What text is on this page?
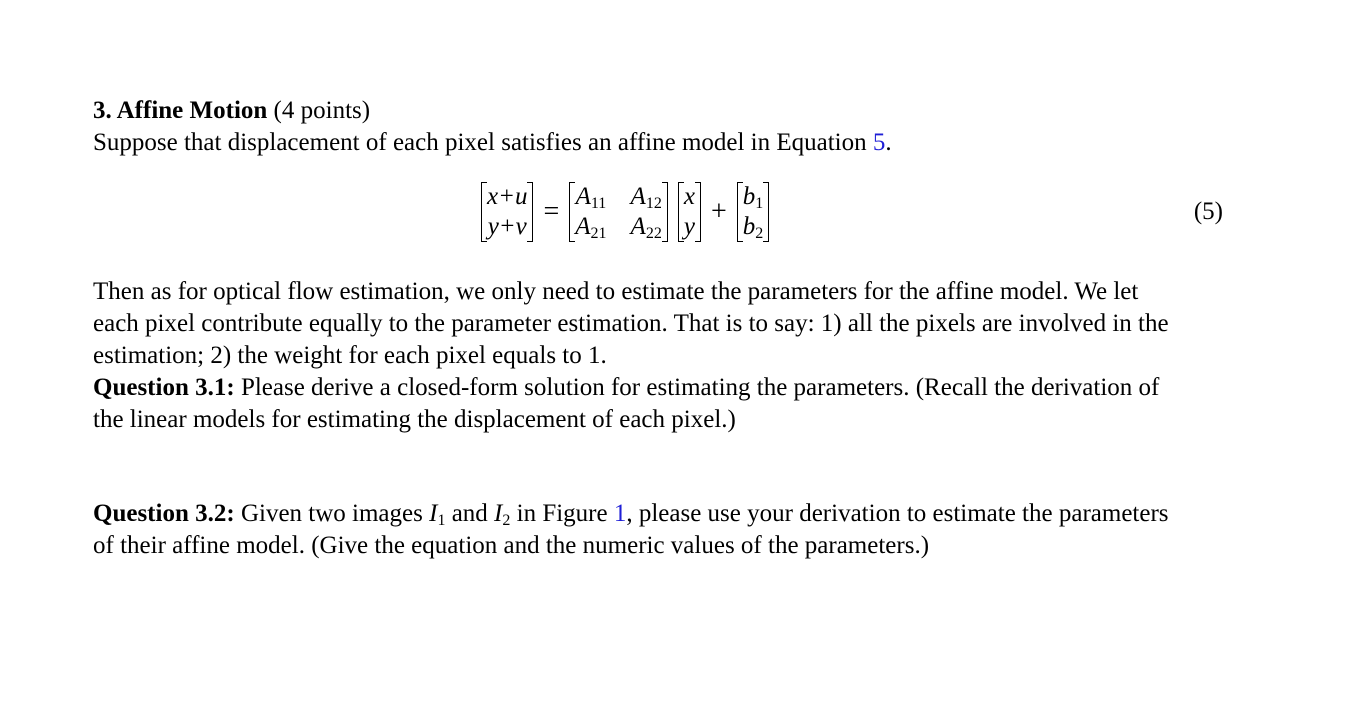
3. Affine Motion (4 points)
Suppose that displacement of each pixel satisfies an affine model in Equation 5.
x+u
$y+v = A_{11}$ $A_{12}$
$A_{21}$ $A_{22}$
x
$y + b_1$
$b_2$
(5)
Then as for optical flow estimation, we only need to estimate the parameters for the affine model. We let
each pixel contribute equally to the parameter estimation. That is to say: 1) all the pixels are involved in the
estimation; 2) the weight for each pixel equals to 1.
Question 3.1: Please derive a closed-form solution for estimating the parameters. (Recall the derivation of
the linear models for estimating the displacement of each pixel.)
Question 3.2: Given two images $I_1$ and $I_2$ in Figure 1, please use your derivation to estimate the parameters
of their affine model. (Give the equation and the numeric values of the parameters.)
